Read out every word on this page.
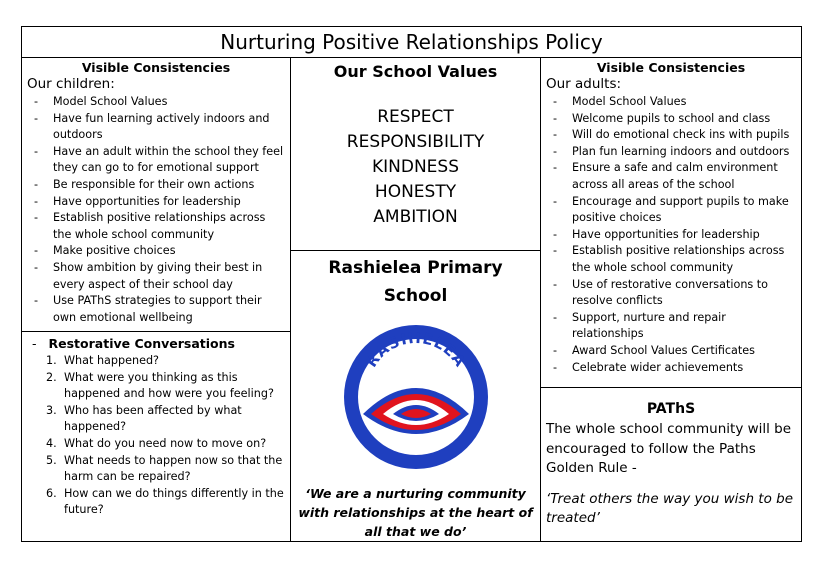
Nurturing Positive Relationships Policy
Visible Consistencies
Our children:
- Model School Values
- Have fun learning actively indoors and outdoors
- Have an adult within the school they feel they can go to for emotional support
- Be responsible for their own actions
- Have opportunities for leadership
- Establish positive relationships across the whole school community
- Make positive choices
- Show ambition by giving their best in every aspect of their school day
- Use PAThS strategies to support their own emotional wellbeing
- Restorative Conversations
1. What happened?
2. What were you thinking as this happened and how were you feeling?
3. Who has been affected by what happened?
4. What do you need now to move on?
5. What needs to happen now so that the harm can be repaired?
6. How can we do things differently in the future?
Our School Values
RESPECT
RESPONSIBILITY
KINDNESS
HONESTY
AMBITION
Rashielea Primary
School
RASHIELEA
‘We are a nurturing community with relationships at the heart of all that we do’
Visible Consistencies
Our adults:
- Model School Values
- Welcome pupils to school and class
- Will do emotional check ins with pupils
- Plan fun learning indoors and outdoors
- Ensure a safe and calm environment across all areas of the school
- Encourage and support pupils to make positive choices
- Have opportunities for leadership
- Establish positive relationships across the whole school community
- Use of restorative conversations to resolve conflicts
- Support, nurture and repair relationships
- Award School Values Certificates
- Celebrate wider achievements
PAThS
The whole school community will be encouraged to follow the Paths Golden Rule -
‘Treat others the way you wish to be treated’
